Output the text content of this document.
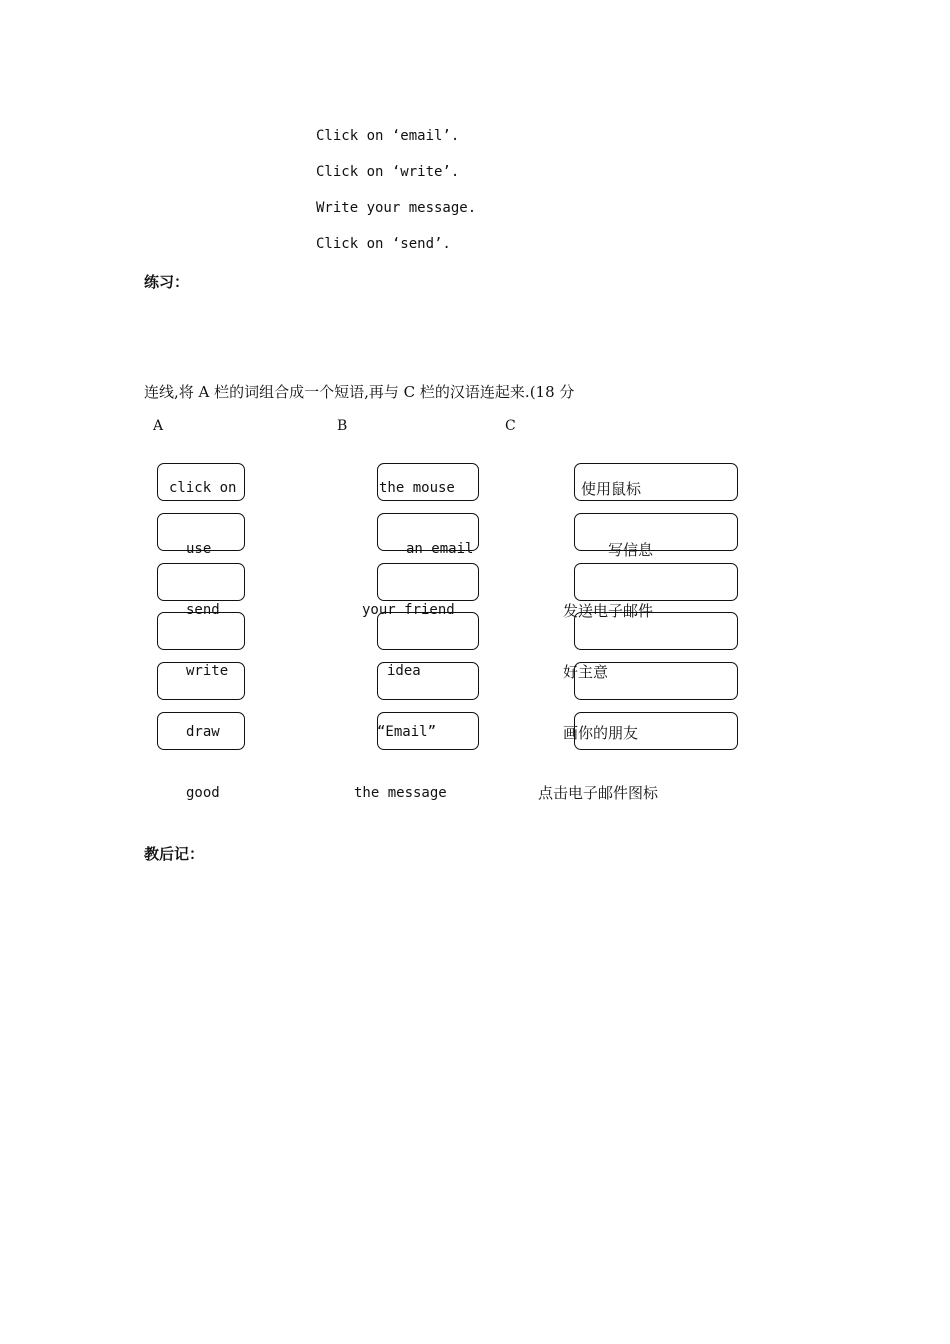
Click on ‘email’.
Click on ‘write’.
Write your message.
Click on ‘send’.
练习：
连线,将 A 栏的词组合成一个短语,再与 C 栏的汉语连起来.(18 分
A	B	C
click on
use
send
write
draw
good
the mouse
an email
your friend
idea
“Email”
the message
使用鼠标
写信息
发送电子邮件
好主意
画你的朋友
点击电子邮件图标
教后记：
